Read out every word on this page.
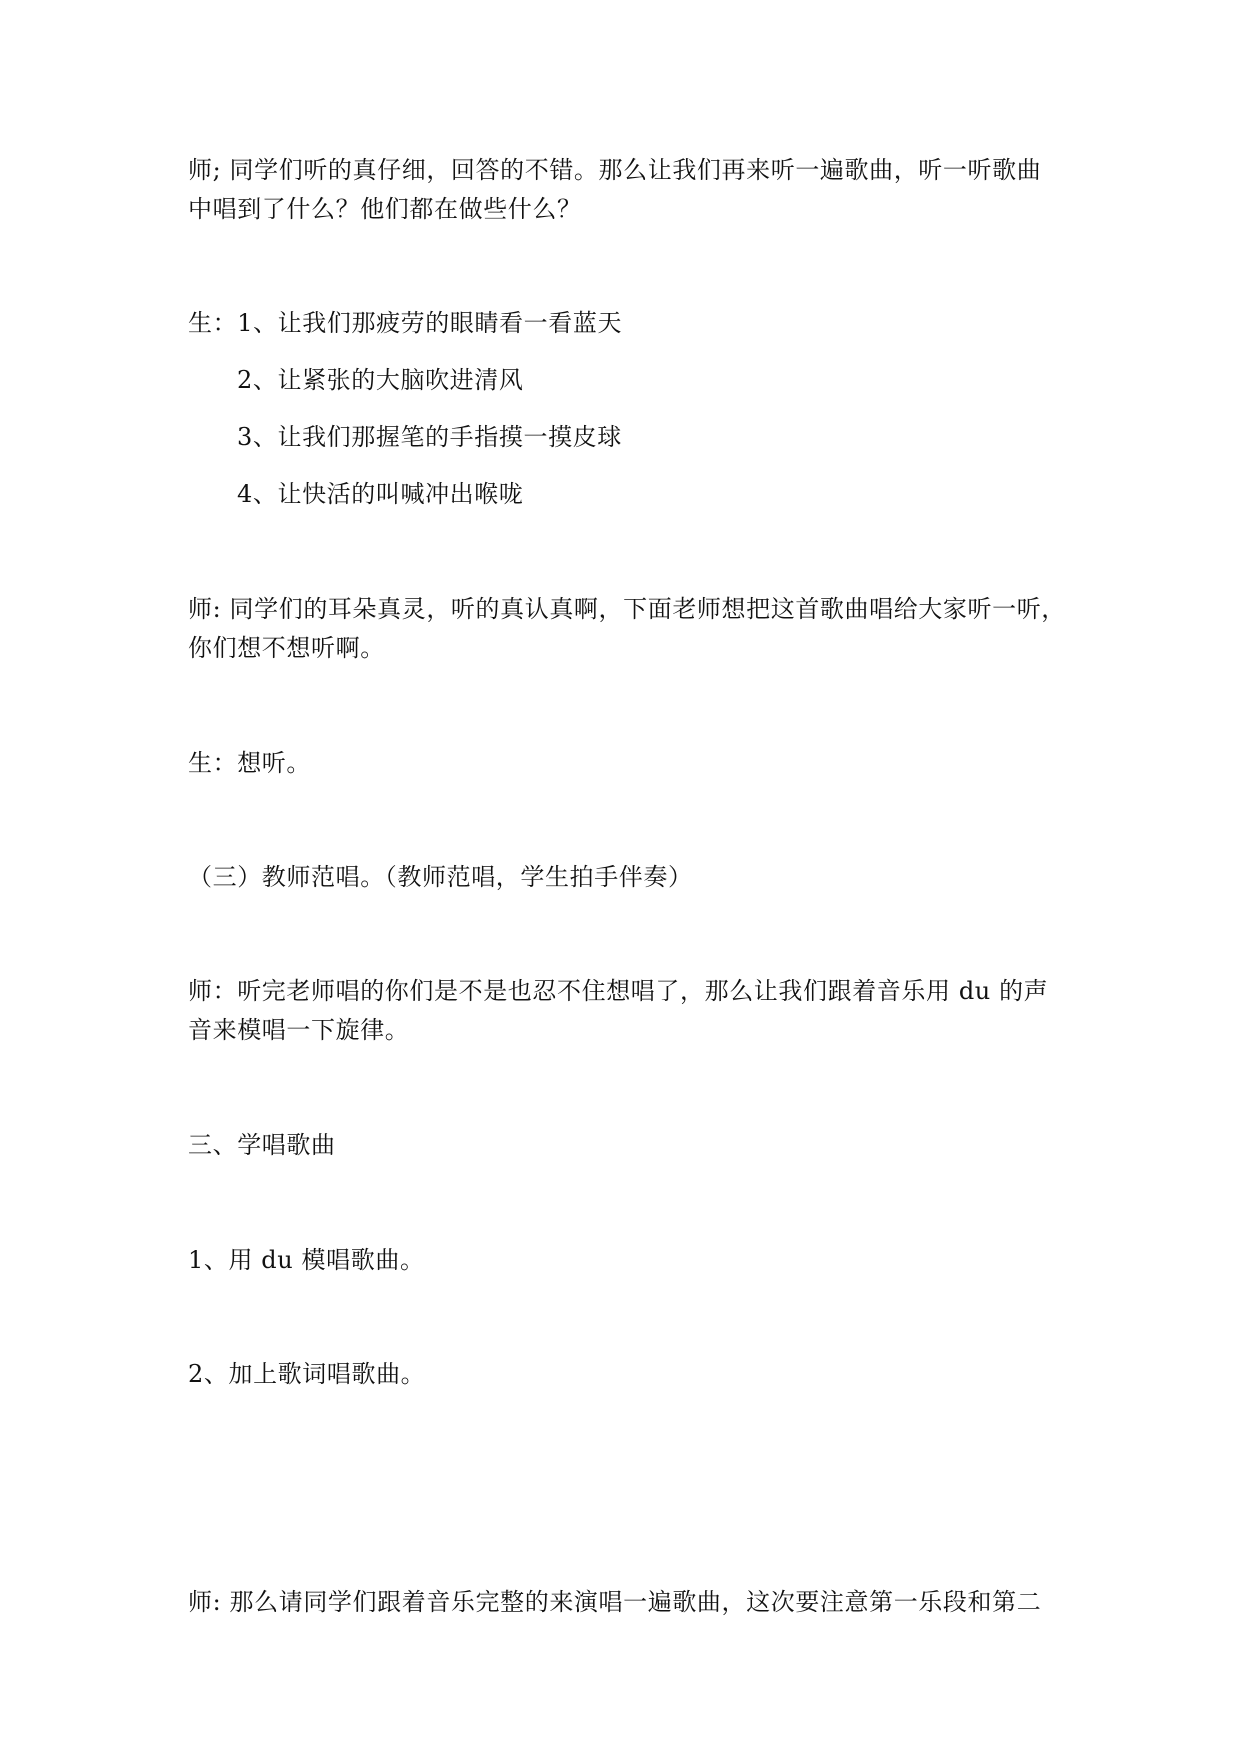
师; 同学们听的真仔细，回答的不错。那么让我们再来听一遍歌曲，听一听歌曲
中唱到了什么？他们都在做些什么？
生：1、让我们那疲劳的眼睛看一看蓝天
2、让紧张的大脑吹进清风
3、让我们那握笔的手指摸一摸皮球
4、让快活的叫喊冲出喉咙
师: 同学们的耳朵真灵，听的真认真啊，下面老师想把这首歌曲唱给大家听一听，
你们想不想听啊。
生：想听。
（三）教师范唱。（教师范唱，学生拍手伴奏）
师：听完老师唱的你们是不是也忍不住想唱了，那么让我们跟着音乐用 du 的声
音来模唱一下旋律。
三、学唱歌曲
1、用 du 模唱歌曲。
2、加上歌词唱歌曲。
师: 那么请同学们跟着音乐完整的来演唱一遍歌曲，这次要注意第一乐段和第二
